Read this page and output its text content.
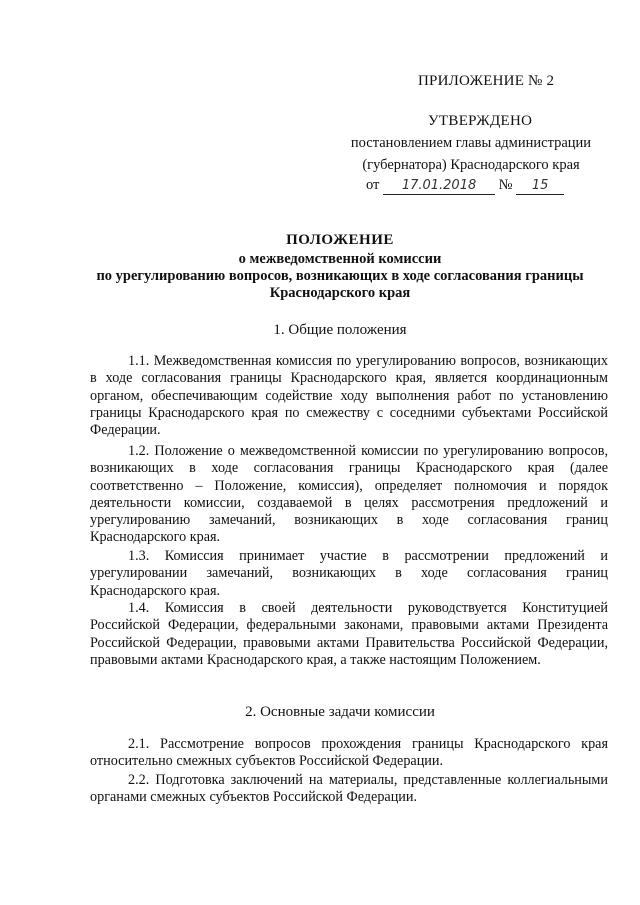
ПРИЛОЖЕНИЕ № 2
УТВЕРЖДЕНО
постановлением главы администрации
(губернатора) Краснодарского края
от 17.01.2018 № 15
ПОЛОЖЕНИЕ
о межведомственной комиссии
по урегулированию вопросов, возникающих в ходе согласования границы
Краснодарского края
1. Общие положения

1.1. Межведомственная комиссия по урегулированию вопросов, возникающих в ходе согласования границы Краснодарского края, является координационным органом, обеспечивающим содействие ходу выполнения работ по установлению границы Краснодарского края по смежеству с соседними субъектами Российской Федерации.

1.2. Положение о межведомственной комиссии по урегулированию вопросов, возникающих в ходе согласования границы Краснодарского края (далее соответственно – Положение, комиссия), определяет полномочия и порядок деятельности комиссии, создаваемой в целях рассмотрения предложений и урегулированию замечаний, возникающих в ходе согласования границ Краснодарского края.

1.3. Комиссия принимает участие в рассмотрении предложений и урегулировании замечаний, возникающих в ходе согласования границ Краснодарского края.

1.4. Комиссия в своей деятельности руководствуется Конституцией Российской Федерации, федеральными законами, правовыми актами Президента Российской Федерации, правовыми актами Правительства Российской Федерации, правовыми актами Краснодарского края, а также настоящим Положением.

2. Основные задачи комиссии

2.1. Рассмотрение вопросов прохождения границы Краснодарского края относительно смежных субъектов Российской Федерации.

2.2. Подготовка заключений на материалы, представленные коллегиальными органами смежных субъектов Российской Федерации.
